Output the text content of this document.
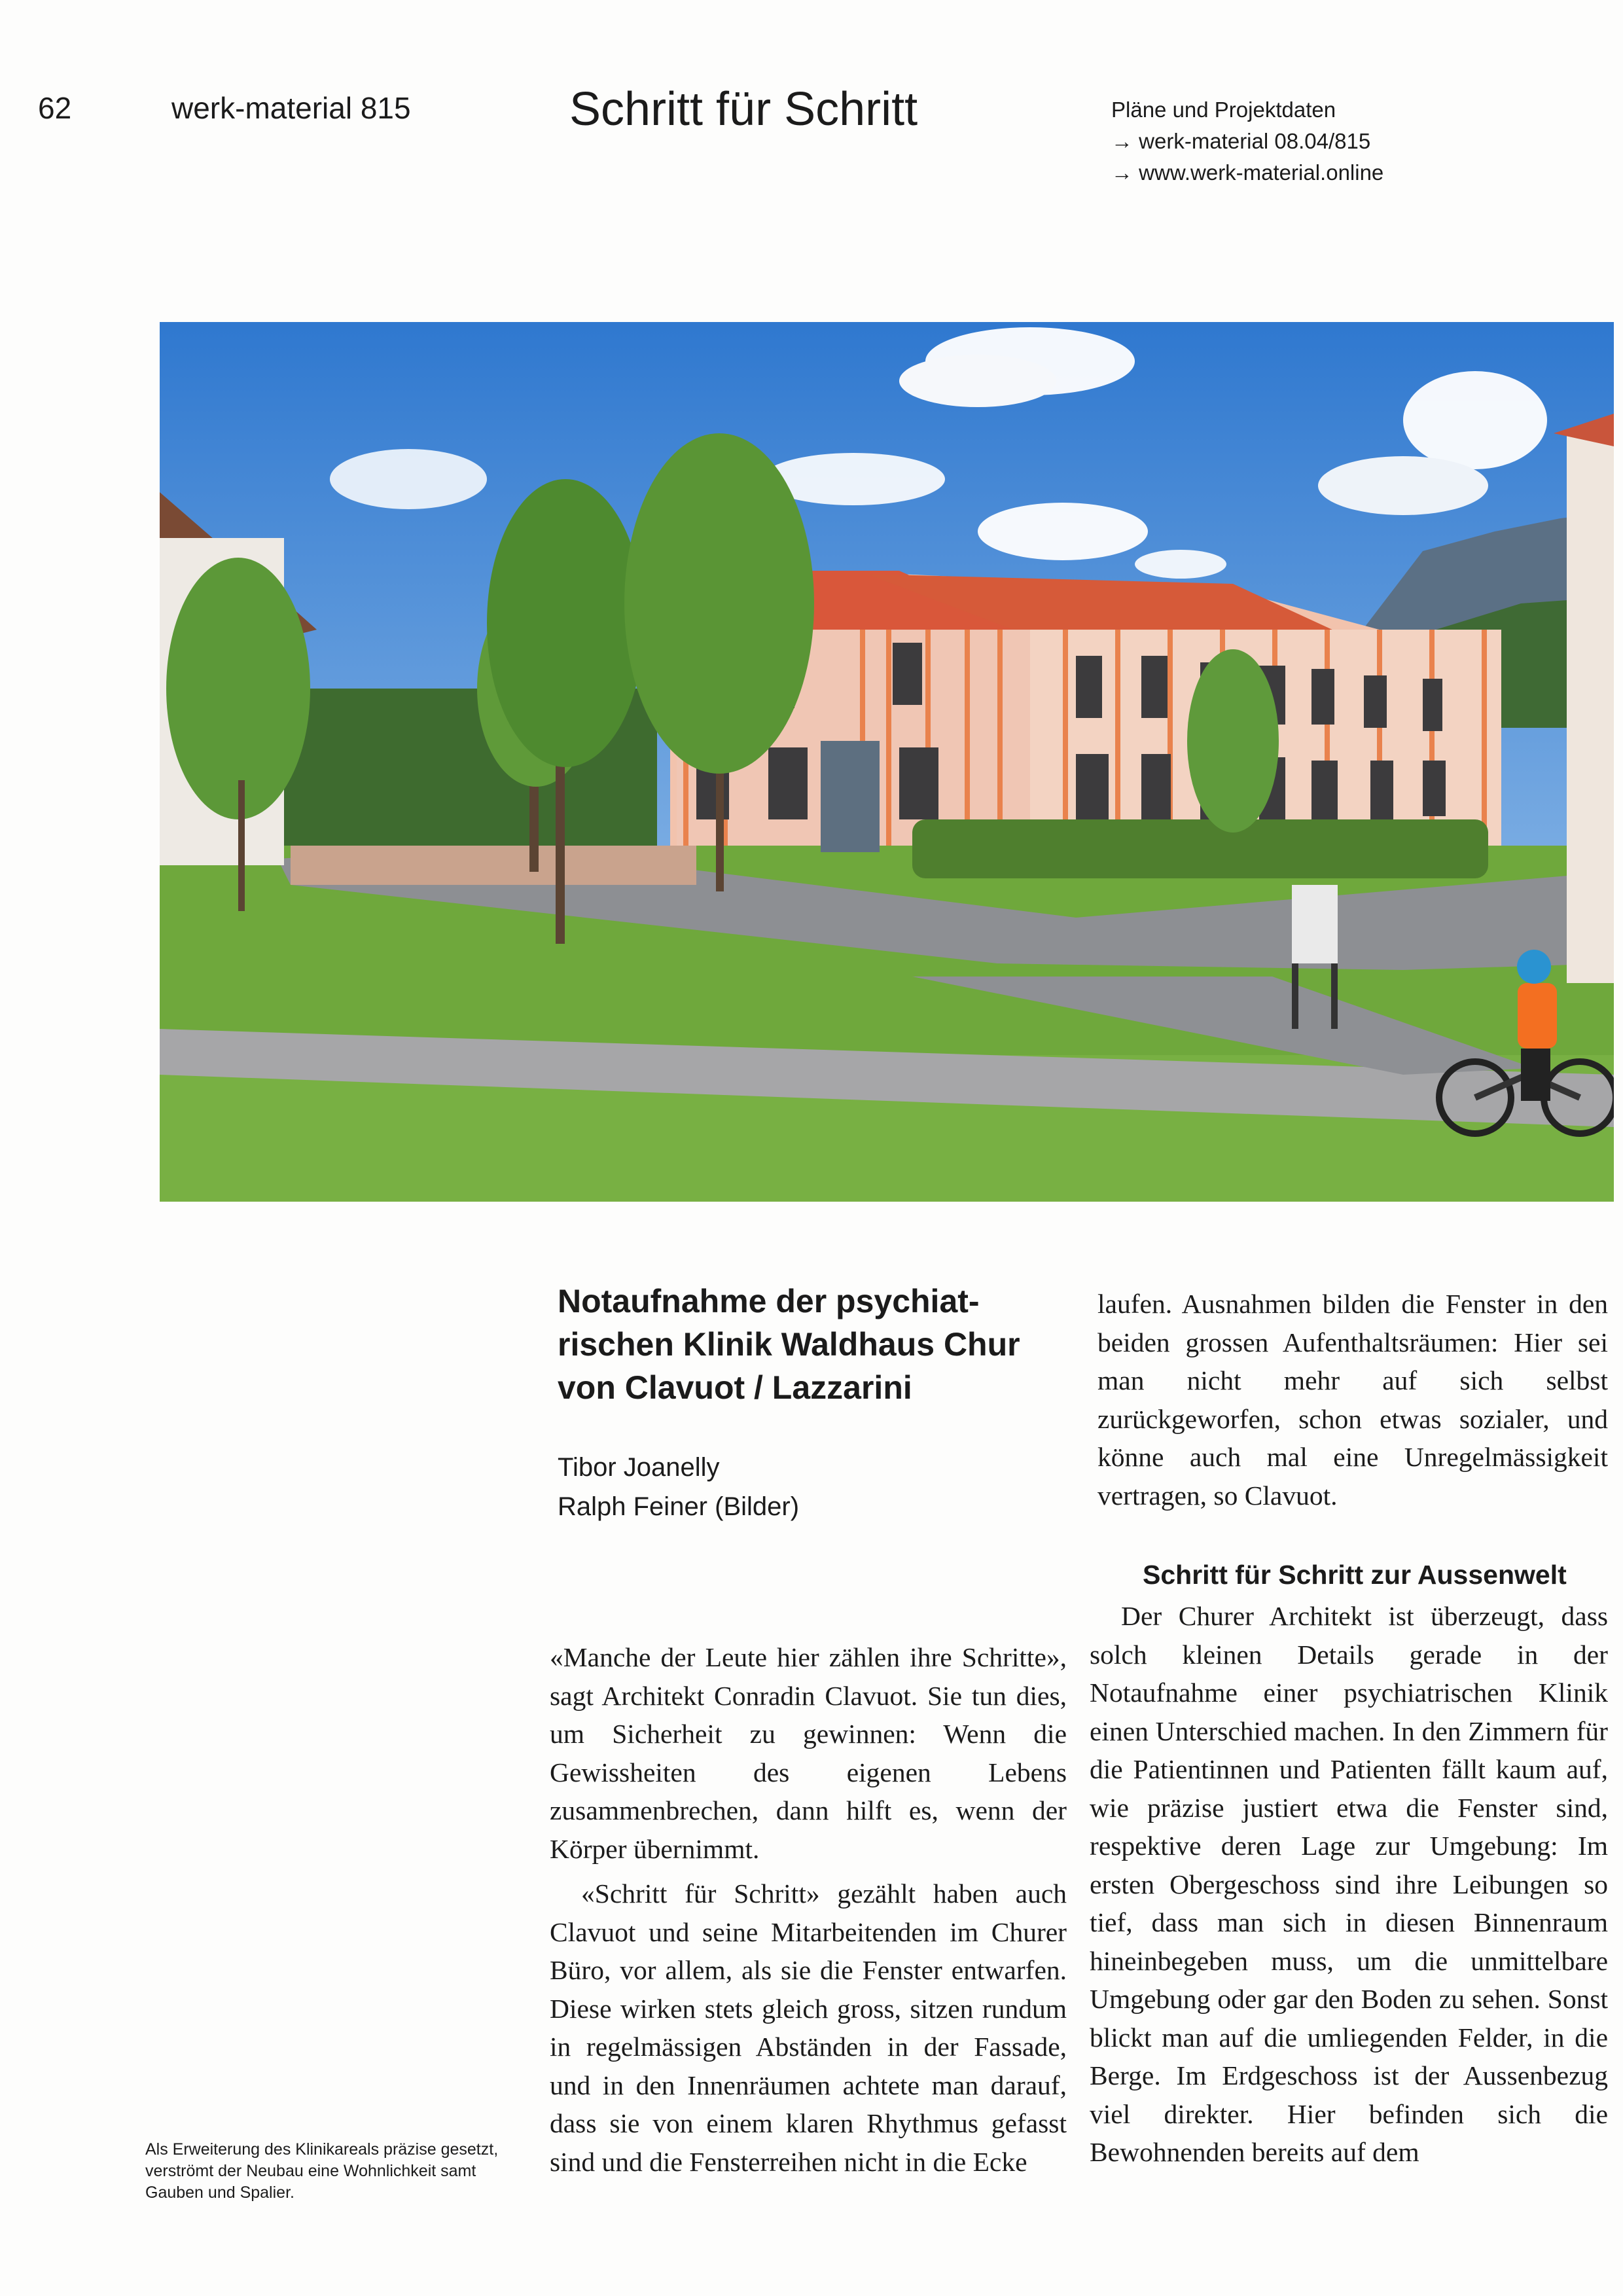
62	werk-material 815	Schritt für Schritt	Pläne und Projektdaten
→ werk-material 08.04/815
→ www.werk-material.online
Notaufnahme der psychiat-
rischen Klinik Waldhaus Chur
von Clavuot / Lazzarini
Tibor Joanelly
Ralph Feiner (Bilder)

laufen. Ausnahmen bilden die Fenster in den beiden grossen Aufenthaltsräumen: Hier sei man nicht mehr auf sich selbst zurückgeworfen, schon etwas sozialer, und könne auch mal eine Unregelmässigkeit vertragen, so Clavuot.

Schritt für Schritt zur Aussenwelt

Der Churer Architekt ist überzeugt, dass solch kleinen Details gerade in der Notaufnahme einer psychiatrischen Klinik einen Unterschied machen. In den Zimmern für die Patientinnen und Patienten fällt kaum auf, wie präzise justiert etwa die Fenster sind, respektive deren Lage zur Umgebung: Im ersten Obergeschoss sind ihre Leibungen so tief, dass man sich in diesen Binnenraum hineinbegeben muss, um die unmittelbare Umgebung oder gar den Boden zu sehen. Sonst blickt man auf die umliegenden Felder, in die Berge. Im Erdgeschoss ist der Aussenbezug viel direkter. Hier befinden sich die Bewohnenden bereits auf dem

«Manche der Leute hier zählen ihre Schritte», sagt Architekt Conradin Clavuot. Sie tun dies, um Sicherheit zu gewinnen: Wenn die Gewissheiten des eigenen Lebens zusammenbrechen, dann hilft es, wenn der Körper übernimmt.

«Schritt für Schritt» gezählt haben auch Clavuot und seine Mitarbeitenden im Churer Büro, vor allem, als sie die Fenster entwarfen. Diese wirken stets gleich gross, sitzen rundum in regelmässigen Abständen in der Fassade, und in den Innenräumen achtete man darauf, dass sie von einem klaren Rhythmus gefasst sind und die Fensterreihen nicht in die Ecke

Als Erweiterung des Klinikareals präzise gesetzt, verströmt der Neubau eine Wohnlichkeit samt Gauben und Spalier.
